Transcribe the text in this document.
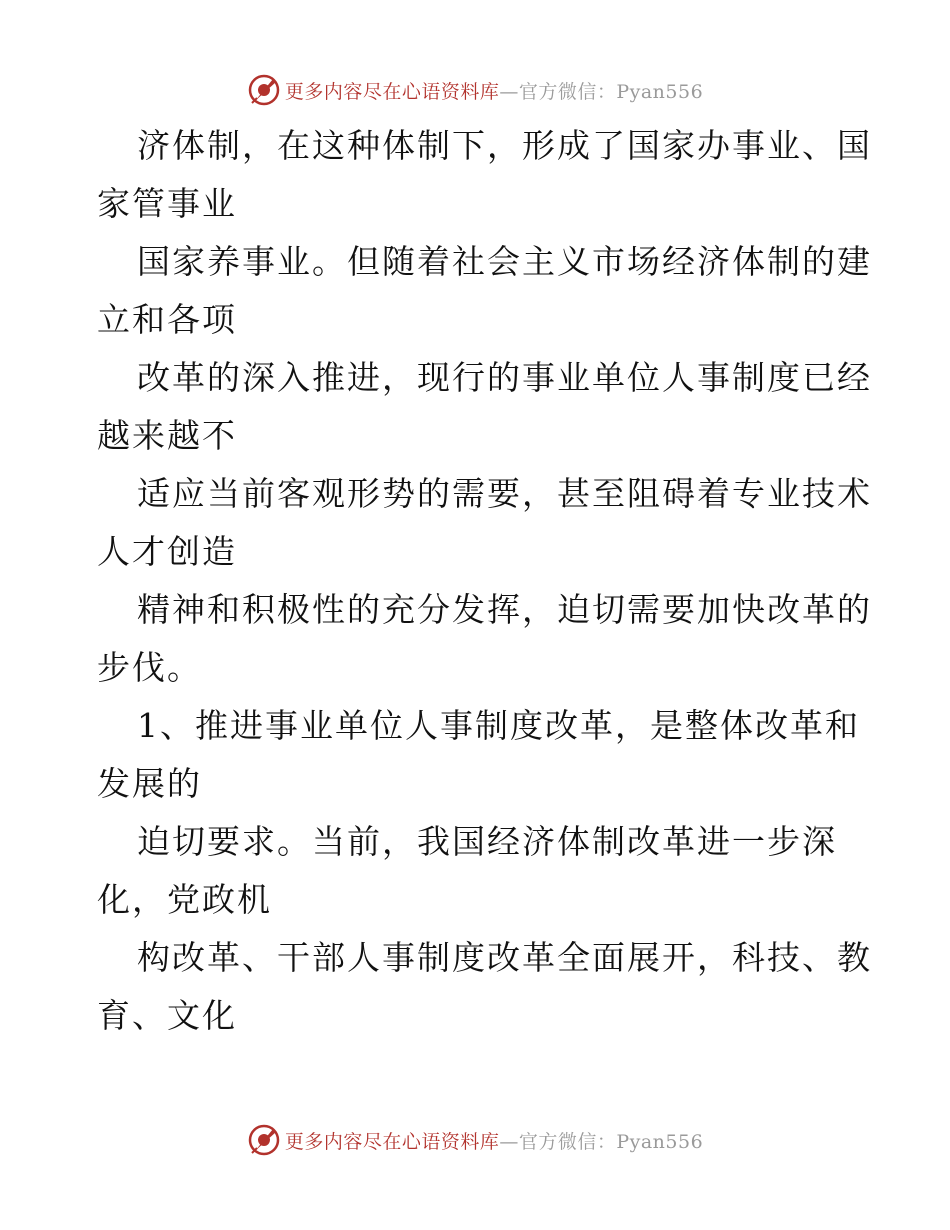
更多内容尽在心语资料库—官方微信：Pyan556
济体制，在这种体制下，形成了国家办事业、国
家管事业
国家养事业。但随着社会主义市场经济体制的建
立和各项
改革的深入推进，现行的事业单位人事制度已经
越来越不
适应当前客观形势的需要，甚至阻碍着专业技术
人才创造
精神和积极性的充分发挥，迫切需要加快改革的
步伐。
1、推进事业单位人事制度改革，是整体改革和
发展的
迫切要求。当前，我国经济体制改革进一步深
化，党政机
构改革、干部人事制度改革全面展开，科技、教
育、文化
更多内容尽在心语资料库—官方微信：Pyan556
